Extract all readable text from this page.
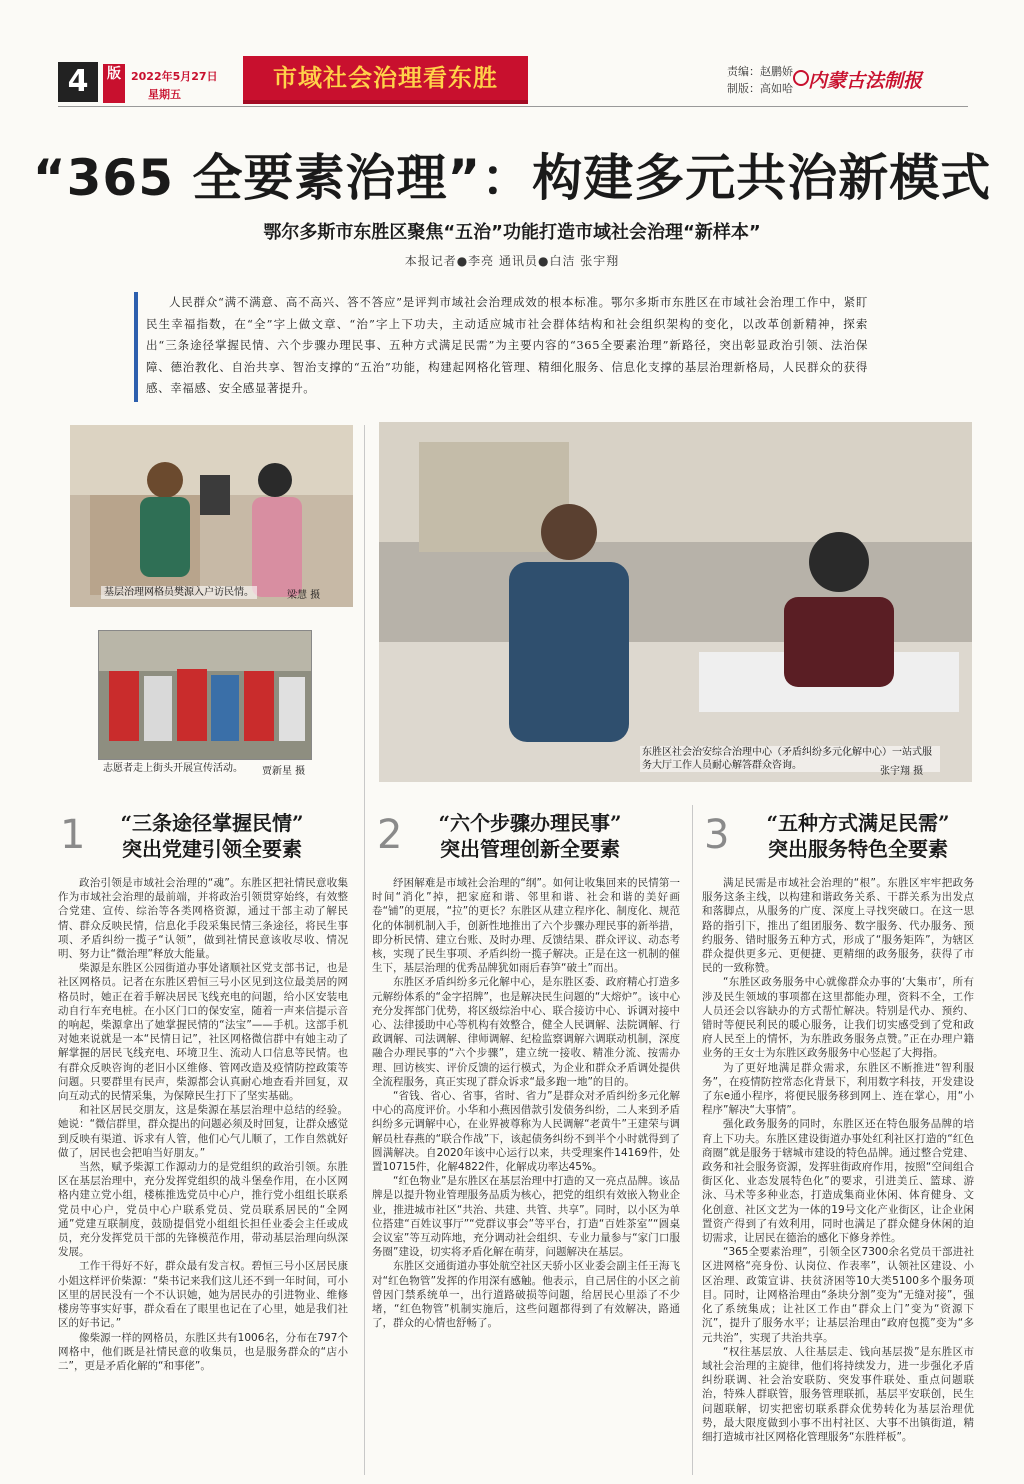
4	版 2022年5月27日
星期五
市域社会治理看东胜	责编：赵鹏娇
制版：高如哈 内蒙古法制报
“365 全要素治理”：构建多元共治新模式
鄂尔多斯市东胜区聚焦“五治”功能打造市域社会治理“新样本”
本报记者●李亮 通讯员●白洁 张宇翔
人民群众“满不满意、高不高兴、答不答应”是评判市域社会治理成效的根本标准。鄂尔多斯市东胜区在市域社会治理工作中，紧盯民生幸福指数，在“全”字上做文章、“治”字上下功夫，主动适应城市社会群体结构和社会组织架构的变化，以改革创新精神，探索出“三条途径掌握民情、六个步骤办理民事、五种方式满足民需”为主要内容的“365全要素治理”新路径，突出彰显政治引领、法治保障、德治教化、自治共享、智治支撑的“五治”功能，构建起网格化管理、精细化服务、信息化支撑的基层治理新格局，人民群众的获得感、幸福感、安全感显著提升。
基层治理网格员樊源入户访民情。	梁慧 摄
志愿者走上街头开展宣传活动。 贾新星 摄
东胜区社会治安综合治理中心（矛盾纠纷多元化解中心）一站式服务大厅工作人员耐心解答群众咨询。
张宇翔 摄
1	“三条途径掌握民情”
突出党建引领全要素

政治引领是市域社会治理的“魂”。东胜区把社情民意收集作为市域社会治理的最前端，并将政治引领贯穿始终，有效整合党建、宣传、综治等各类网格资源，通过干部主动了解民情、群众反映民情，信息化手段采集民情三条途径，将民生事项、矛盾纠纷一揽子“认领”，做到社情民意该收尽收、情况明、努力让“微治理”释放大能量。

柴源是东胜区公园街道办事处诸顺社区党支部书记，也是社区网格员。记者在东胜区碧恒三号小区见到这位最美居的网格员时，她正在着手解决居民飞线充电的问题，给小区安装电动自行车充电桩。在小区门口的保安室，随着一声来信提示音的响起，柴源拿出了她掌握民情的“法宝”——手机。这部手机对她来说就是一本“民情日记”，社区网格微信群中有她主动了解掌握的居民飞线充电、环境卫生、流动人口信息等民情。也有群众反映咨询的老旧小区维修、管网改造及疫情防控政策等问题。只要群里有民声，柴源都会认真耐心地查看并回复，双向互动式的民情采集，为保障民生打下了坚实基础。

和社区居民交朋友，这是柴源在基层治理中总结的经验。她说：“微信群里，群众提出的问题必须及时回复，让群众感觉到反映有渠道、诉求有人管，他们心气儿顺了，工作自然就好做了，居民也会把咱当好朋友。”

当然，赋予柴源工作源动力的是党组织的政治引领。东胜区在基层治理中，充分发挥党组织的战斗堡垒作用，在小区网格内建立党小组，楼栋推选党员中心户，推行党小组组长联系党员中心户，党员中心户联系党员、党员联系居民的“全网通”党建互联制度，鼓励提倡党小组组长担任业委会主任或成员，充分发挥党员干部的先锋模范作用，带动基层治理向纵深发展。

工作干得好不好，群众最有发言权。碧恒三号小区居民康小姐这样评价柴源：“柴书记来我们这儿还不到一年时间，可小区里的居民没有一个不认识她，她为居民办的引进物业、维修楼房等事实好事，群众看在了眼里也记在了心里，她是我们社区的好书记。”

像柴源一样的网格员，东胜区共有1006名，分布在797个网格中，他们既是社情民意的收集员，也是服务群众的“店小二”，更是矛盾化解的“和事佬”。

2	“六个步骤办理民事”
突出管理创新全要素

纾困解难是市域社会治理的“纲”。如何让收集回来的民情第一时间“消化”掉，把家庭和谐、邻里和谐、社会和谐的美好画卷“铺”的更展，“拉”的更长？东胜区从建立程序化、制度化、规范化的体制机制入手，创新性地推出了六个步骤办理民事的新举措，即分析民情、建立台账、及时办理、反馈结果、群众评议、动态考核，实现了民生事项、矛盾纠纷一揽子解决。正是在这一机制的催生下，基层治理的优秀品牌犹如雨后春笋“破土”而出。

东胜区矛盾纠纷多元化解中心，是东胜区委、政府精心打造多元解纷体系的“金字招牌”，也是解决民生问题的“大熔炉”。该中心充分发挥部门优势，将区级综治中心、联合接访中心、诉调对接中心、法律援助中心等机构有效整合，健全人民调解、法院调解、行政调解、司法调解、律师调解、纪检监察调解六调联动机制，深度融合办理民事的“六个步骤”，建立统一接收、精准分流、按需办理、回访核实、评价反馈的运行模式，为企业和群众矛盾调处提供全流程服务，真正实现了群众诉求“最多跑一地”的目的。

“省钱、省心、省事，省时、省力”是群众对矛盾纠纷多元化解中心的高度评价。小华和小燕因借款引发债务纠纷，二人来到矛盾纠纷多元调解中心，在业界被尊称为人民调解“老黄牛”王建荣与调解员杜春燕的“联合作战”下，该起债务纠纷不到半个小时就得到了圆满解决。自2020年该中心运行以来，共受理案件14169件，处置10715件，化解4822件，化解成功率达45%。

“红色物业”是东胜区在基层治理中打造的又一亮点品牌。该品牌是以提升物业管理服务品质为核心，把党的组织有效嵌入物业企业，推进城市社区“共治、共建、共管、共享”。同时，以小区为单位搭建“百姓议事厅”“党群议事会”等平台，打造“百姓茶室”“圆桌会议室”等互动阵地，充分调动社会组织、专业力量参与“家门口服务圈”建设，切实将矛盾化解在萌芽，问题解决在基层。

东胜区交通街道办事处航空社区天骄小区业委会副主任王海飞对“红色物管”发挥的作用深有感触。他表示，自己居住的小区之前曾因门禁系统单一，出行道路破损等问题，给居民心里添了不少堵，“红色物管”机制实施后，这些问题都得到了有效解决，路通了，群众的心情也舒畅了。

3	“五种方式满足民需”
突出服务特色全要素

满足民需是市域社会治理的“根”。东胜区牢牢把政务服务这条主线，以构建和谐政务关系、干群关系为出发点和落脚点，从服务的广度、深度上寻找突破口。在这一思路的指引下，推出了组团服务、数字服务、代办服务、预约服务、错时服务五种方式，形成了“服务矩阵”，为辖区群众提供更多元、更便捷、更精细的政务服务，获得了市民的一致称赞。

“东胜区政务服务中心就像群众办事的‘大集市’，所有涉及民生领域的事项都在这里都能办理，资料不全，工作人员还会以容缺办的方式帮忙解决。特别是代办、预约、错时等便民利民的暖心服务，让我们切实感受到了党和政府人民至上的情怀，为东胜政务服务点赞。”正在办理户籍业务的王女士为东胜区政务服务中心竖起了大拇指。

为了更好地满足群众需求，东胜区不断推进“智利服务”，在疫情防控常态化背景下，利用数字科技，开发建设了东e通小程序，将便民服务移到网上、连在掌心，用“小程序”解决“大事情”。

强化政务服务的同时，东胜区还在特色服务品牌的培育上下功夫。东胜区建设街道办事处红利社区打造的“红色商圈”就是服务于辖城市建设的特色品牌。通过整合党建、政务和社会服务资源，发挥驻街政府作用，按照“空间组合街区化、业态发展特色化”的要求，引进美丘、篮球、游泳、马术等多种业态，打造成集商业休闲、体育健身、文化创意、社区文艺为一体的19号文化产业街区，让企业闲置资产得到了有效利用，同时也满足了群众健身休闲的迫切需求，让居民在德治的感化下修身养性。

“365全要素治理”，引领全区7300余名党员干部进社区进网格“亮身份、认岗位、作表率”，认领社区建设、小区治理、政策宣讲、扶贫济困等10大类5100多个服务项目。同时，让网格治理由“条块分割”变为“无缝对接”，强化了系统集成；让社区工作由“群众上门”变为“资源下沉”，提升了服务水平；让基层治理由“政府包揽”变为“多元共治”，实现了共治共享。

“权往基层放、人往基层走、钱向基层拨”是东胜区市域社会治理的主旋律，他们将持续发力，进一步强化矛盾纠纷联调、社会治安联防、突发事件联处、重点问题联治，特殊人群联管，服务管理联抓，基层平安联创，民生问题联解，切实把密切联系群众优势转化为基层治理优势，最大限度做到小事不出村社区、大事不出镇街道，精细打造城市社区网格化管理服务“东胜样板”。
